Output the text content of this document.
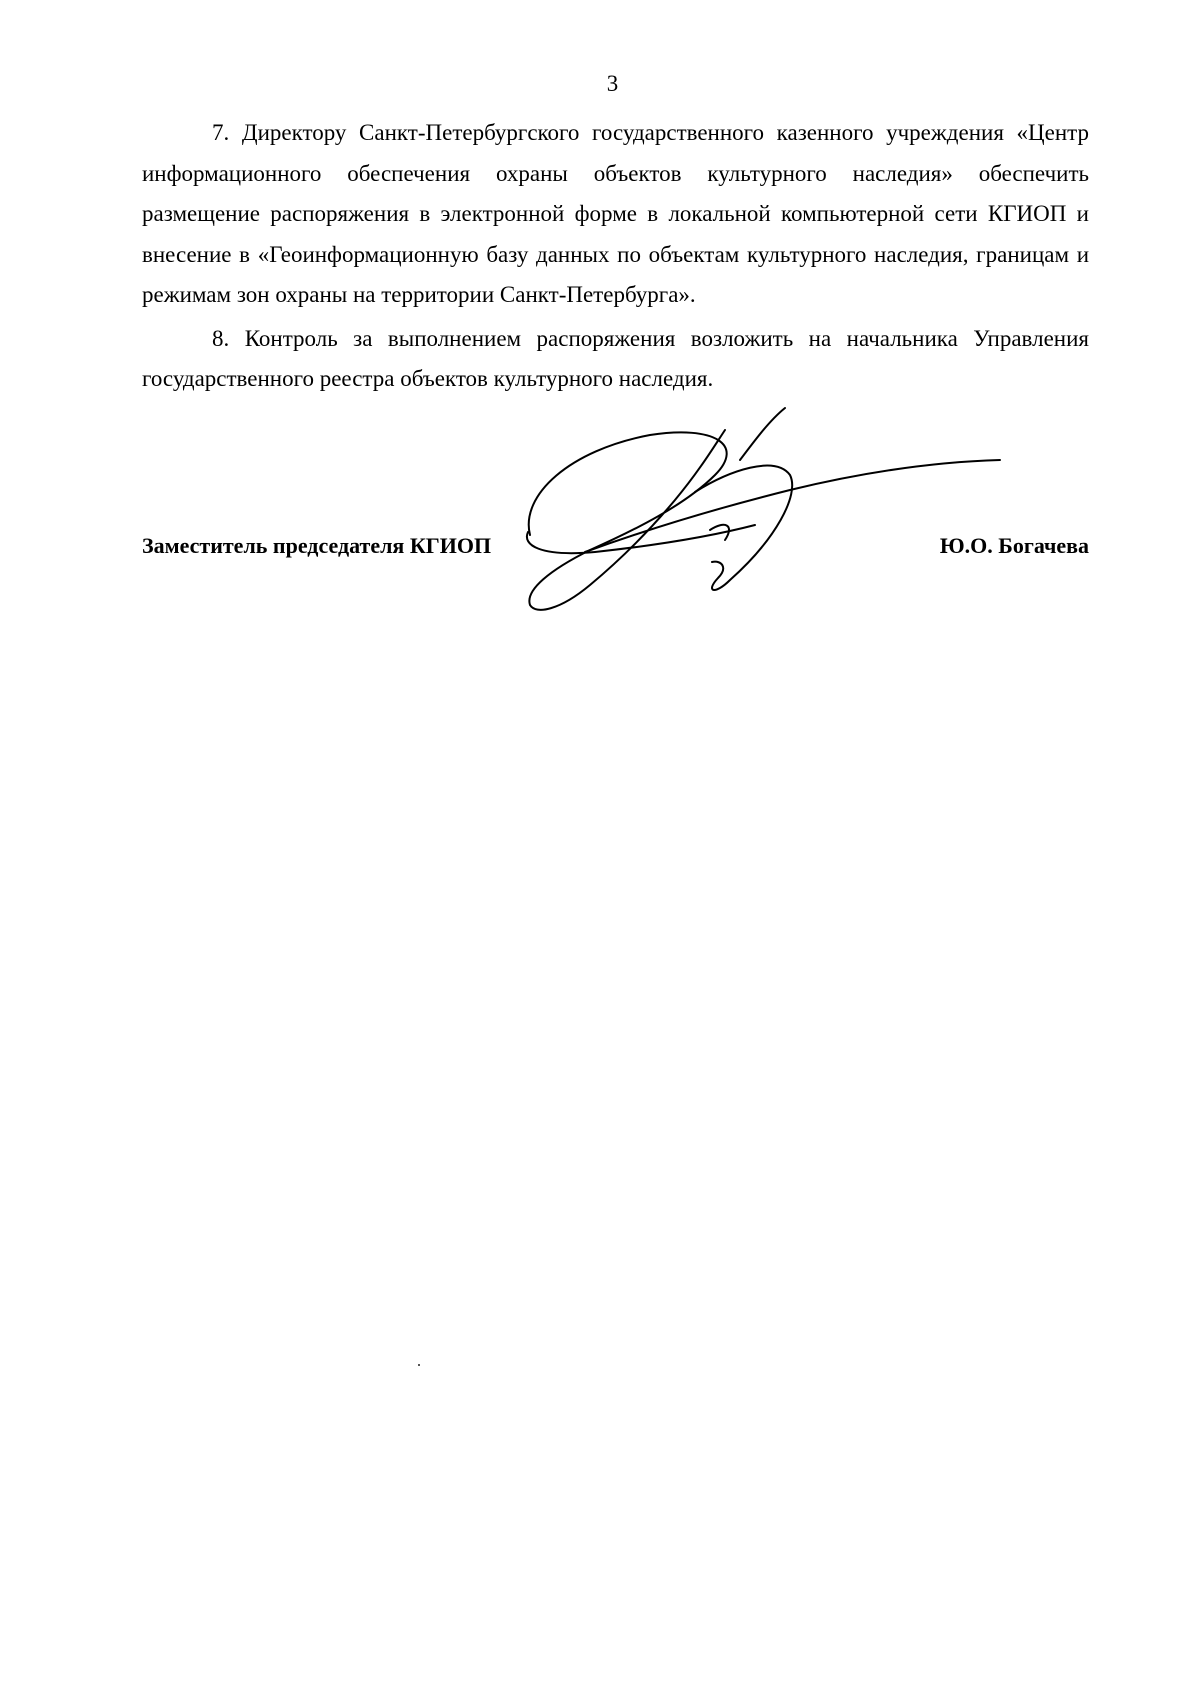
3

7. Директору Санкт-Петербургского государственного казенного учреждения «Центр информационного обеспечения охраны объектов культурного наследия» обеспечить размещение распоряжения в электронной форме в локальной компьютерной сети КГИОП и внесение в «Геоинформационную базу данных по объектам культурного наследия, границам и режимам зон охраны на территории Санкт-Петербурга».

8. Контроль за выполнением распоряжения возложить на начальника Управления государственного реестра объектов культурного наследия.

Заместитель председателя КГИОП	Ю.О. Богачева
